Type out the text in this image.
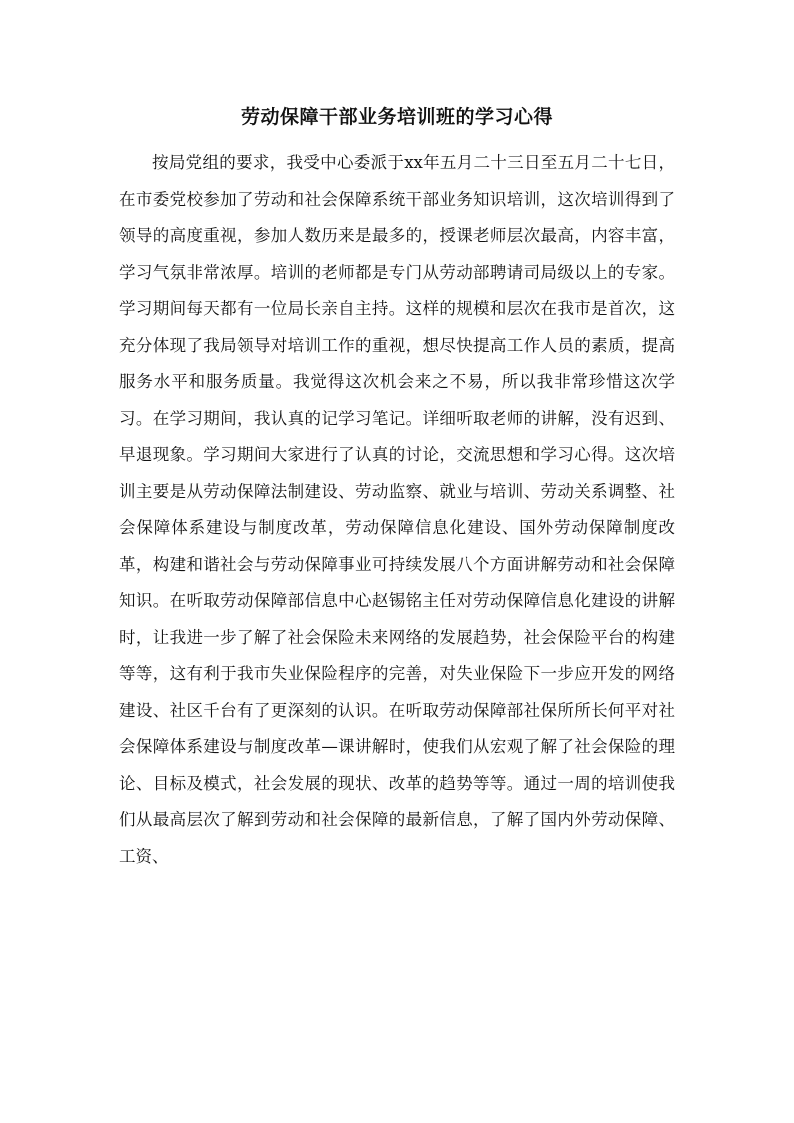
劳动保障干部业务培训班的学习心得

按局党组的要求，我受中心委派于xx年五月二十三日至五月二十七日，在市委党校参加了劳动和社会保障系统干部业务知识培训，这次培训得到了领导的高度重视，参加人数历来是最多的，授课老师层次最高，内容丰富，学习气氛非常浓厚。培训的老师都是专门从劳动部聘请司局级以上的专家。学习期间每天都有一位局长亲自主持。这样的规模和层次在我市是首次，这充分体现了我局领导对培训工作的重视，想尽快提高工作人员的素质，提高服务水平和服务质量。我觉得这次机会来之不易，所以我非常珍惜这次学习。在学习期间，我认真的记学习笔记。详细听取老师的讲解，没有迟到、早退现象。学习期间大家进行了认真的讨论，交流思想和学习心得。这次培训主要是从劳动保障法制建设、劳动监察、就业与培训、劳动关系调整、社会保障体系建设与制度改革，劳动保障信息化建设、国外劳动保障制度改革，构建和谐社会与劳动保障事业可持续发展八个方面讲解劳动和社会保障知识。在听取劳动保障部信息中心赵锡铭主任对劳动保障信息化建设的讲解时，让我进一步了解了社会保险未来网络的发展趋势，社会保险平台的构建等等，这有利于我市失业保险程序的完善，对失业保险下一步应开发的网络建设、社区千台有了更深刻的认识。在听取劳动保障部社保所所长何平对社会保障体系建设与制度改革—课讲解时，使我们从宏观了解了社会保险的理论、目标及模式，社会发展的现状、改革的趋势等等。通过一周的培训使我们从最高层次了解到劳动和社会保障的最新信息，了解了国内外劳动保障、工资、
